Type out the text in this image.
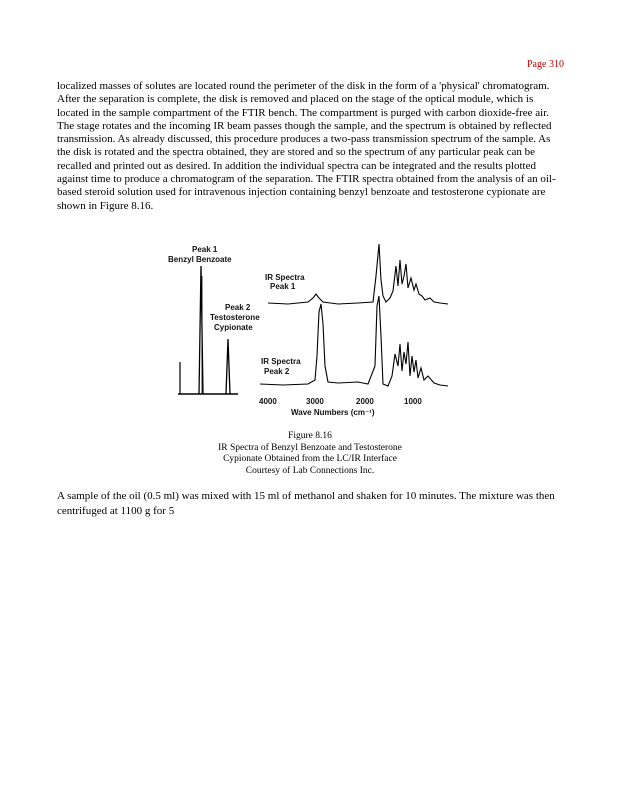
Page 310

localized masses of solutes are located round the perimeter of the disk in the form of a 'physical' chromatogram. After the separation is complete, the disk is removed and placed on the stage of the optical module, which is located in the sample compartment of the FTIR bench. The compartment is purged with carbon dioxide-free air. The stage rotates and the incoming IR beam passes though the sample, and the spectrum is obtained by reflected transmission. As already discussed, this procedure produces a two-pass transmission spectrum of the sample. As the disk is rotated and the spectra obtained, they are stored and so the spectrum of any particular peak can be recalled and printed out as desired. In addition the individual spectra can be integrated and the results plotted against time to produce a chromatogram of the separation. The FTIR spectra obtained from the analysis of an oil-based steroid solution used for intravenous injection containing benzyl benzoate and testosterone cypionate are shown in Figure 8.16.

Peak 1
Benzyl Benzoate
Peak 2
Testosterone
Cypionate
IR Spectra
Peak 1
IR Spectra
Peak 2
4000	3000	2000	1000
Wave Numbers (cm⁻¹)
Figure 8.16
IR Spectra of Benzyl Benzoate and Testosterone
Cypionate Obtained from the LC/IR Interface
Courtesy of Lab Connections Inc.

A sample of the oil (0.5 ml) was mixed with 15 ml of methanol and shaken for 10 minutes. The mixture was then centrifuged at 1100 g for 5
